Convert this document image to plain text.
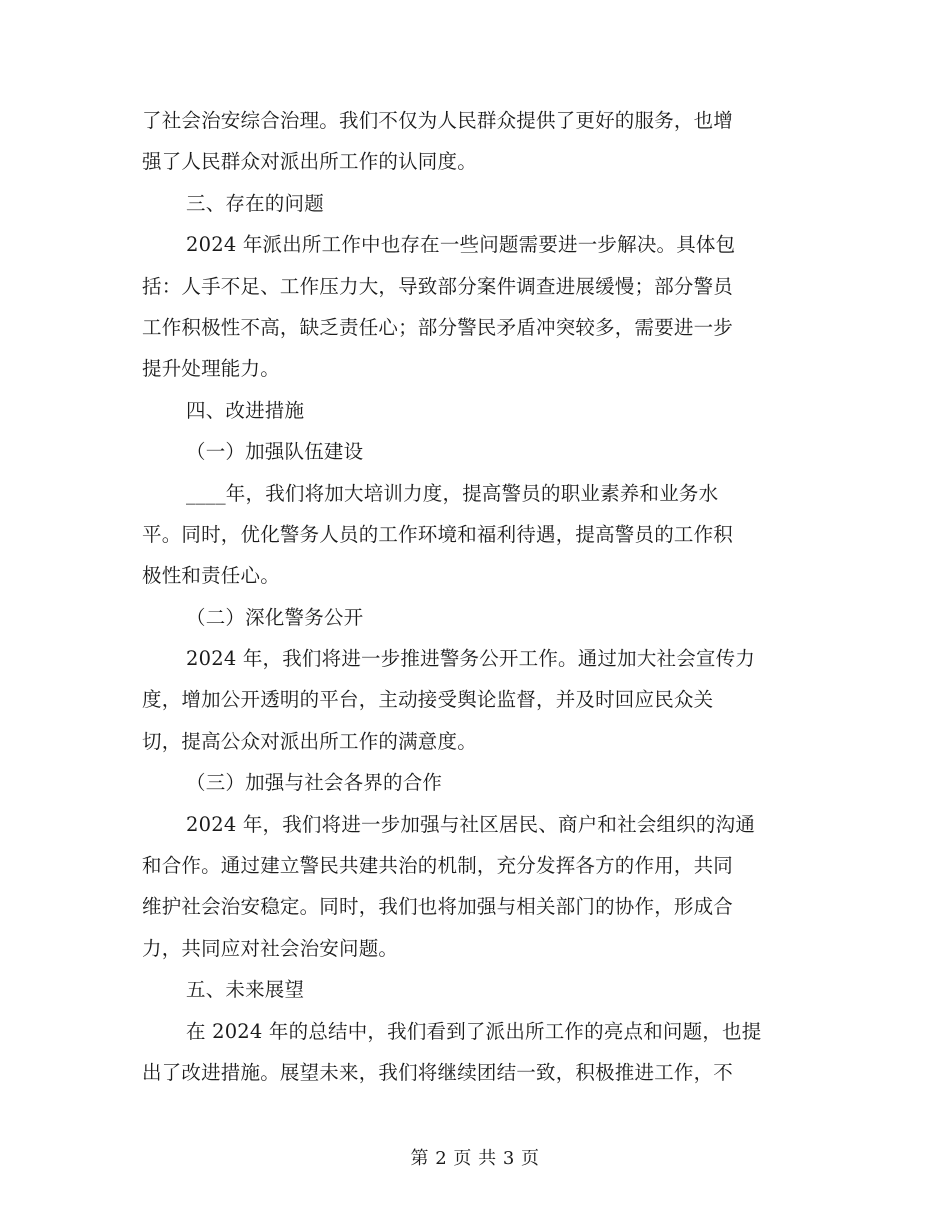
了社会治安综合治理。我们不仅为人民群众提供了更好的服务，也增
强了人民群众对派出所工作的认同度。
三、存在的问题
2024 年派出所工作中也存在一些问题需要进一步解决。具体包
括：人手不足、工作压力大，导致部分案件调查进展缓慢；部分警员
工作积极性不高，缺乏责任心；部分警民矛盾冲突较多，需要进一步
提升处理能力。
四、改进措施
（一）加强队伍建设
____年，我们将加大培训力度，提高警员的职业素养和业务水
平。同时，优化警务人员的工作环境和福利待遇，提高警员的工作积
极性和责任心。
（二）深化警务公开
2024 年，我们将进一步推进警务公开工作。通过加大社会宣传力
度，增加公开透明的平台，主动接受舆论监督，并及时回应民众关
切，提高公众对派出所工作的满意度。
（三）加强与社会各界的合作
2024 年，我们将进一步加强与社区居民、商户和社会组织的沟通
和合作。通过建立警民共建共治的机制，充分发挥各方的作用，共同
维护社会治安稳定。同时，我们也将加强与相关部门的协作，形成合
力，共同应对社会治安问题。
五、未来展望
在 2024 年的总结中，我们看到了派出所工作的亮点和问题，也提
出了改进措施。展望未来，我们将继续团结一致，积极推进工作，不
第 2 页 共 3 页
